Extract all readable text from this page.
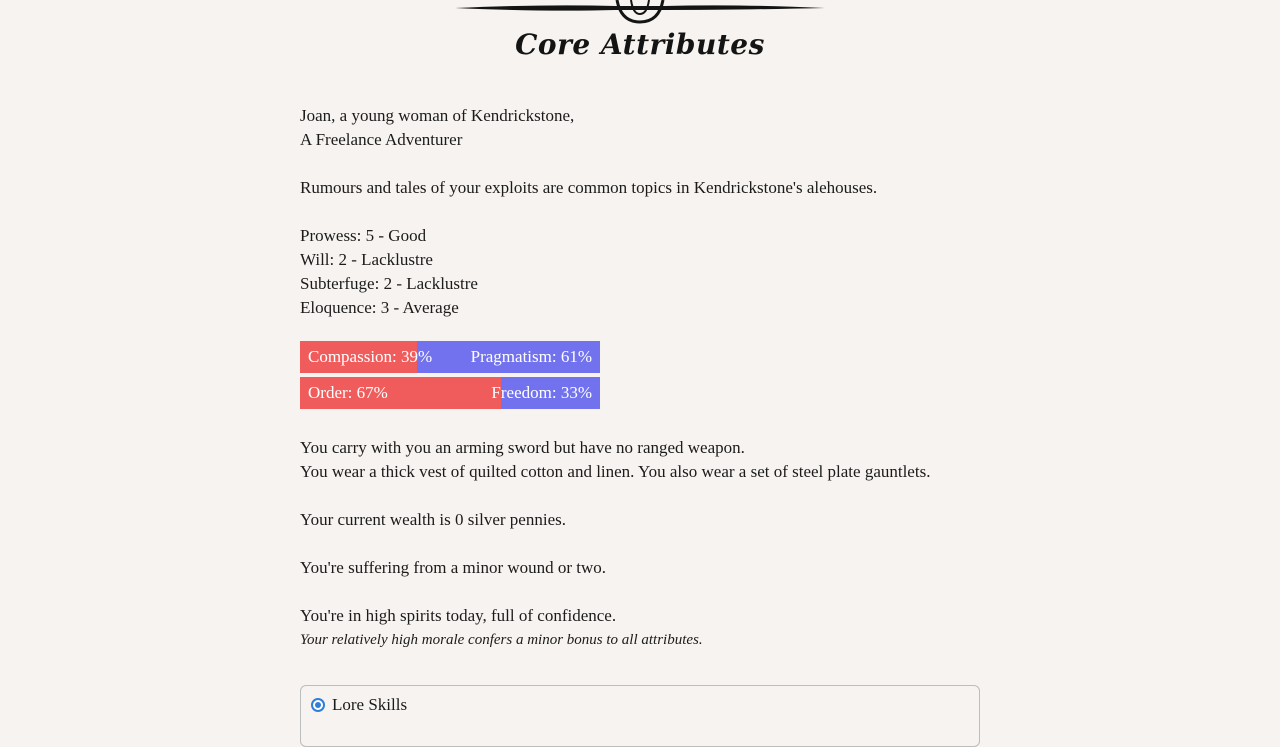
Core Attributes

Joan, a young woman of Kendrickstone,

A Freelance Adventurer

Rumours and tales of your exploits are common topics in Kendrickstone's alehouses.

Prowess: 5 - Good

Will: 2 - Lacklustre

Subterfuge: 2 - Lacklustre

Eloquence: 3 - Average

Compassion: 39% Pragmatism: 61%
Order: 67%	Freedom: 33%

You carry with you an arming sword but have no ranged weapon.

You wear a thick vest of quilted cotton and linen. You also wear a set of steel plate gauntlets.

Your current wealth is 0 silver pennies.

You're suffering from a minor wound or two.

You're in high spirits today, full of confidence.

Your relatively high morale confers a minor bonus to all attributes.

Lore Skills
